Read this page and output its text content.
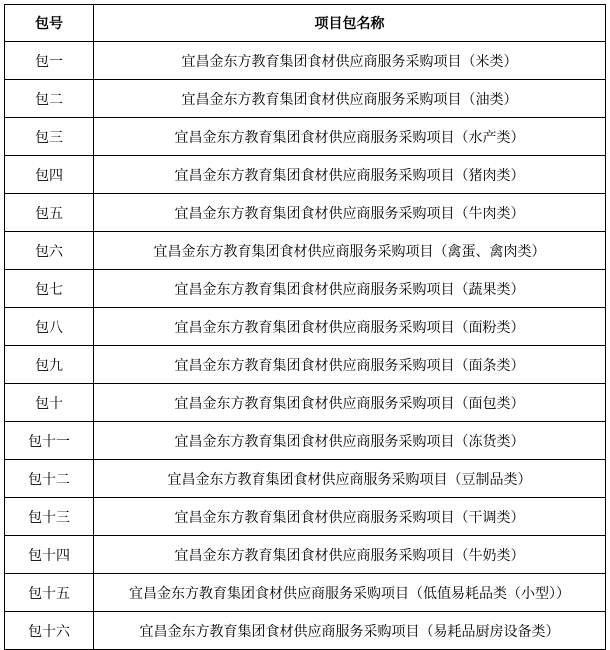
包号	项目包名称
包一	宜昌金东方教育集团食材供应商服务采购项目（米类）
包二	宜昌金东方教育集团食材供应商服务采购项目（油类）
包三	宜昌金东方教育集团食材供应商服务采购项目（水产类）
包四	宜昌金东方教育集团食材供应商服务采购项目（猪肉类）
包五	宜昌金东方教育集团食材供应商服务采购项目（牛肉类）
包六	宜昌金东方教育集团食材供应商服务采购项目（禽蛋、禽肉类）
包七	宜昌金东方教育集团食材供应商服务采购项目（蔬果类）
包八	宜昌金东方教育集团食材供应商服务采购项目（面粉类）
包九	宜昌金东方教育集团食材供应商服务采购项目（面条类）
包十	宜昌金东方教育集团食材供应商服务采购项目（面包类）
包十一	宜昌金东方教育集团食材供应商服务采购项目（冻货类）
包十二	宜昌金东方教育集团食材供应商服务采购项目（豆制品类）
包十三	宜昌金东方教育集团食材供应商服务采购项目（干调类）
包十四	宜昌金东方教育集团食材供应商服务采购项目（牛奶类）
包十五	宜昌金东方教育集团食材供应商服务采购项目（低值易耗品类（小型））
包十六	宜昌金东方教育集团食材供应商服务采购项目（易耗品厨房设备类）
